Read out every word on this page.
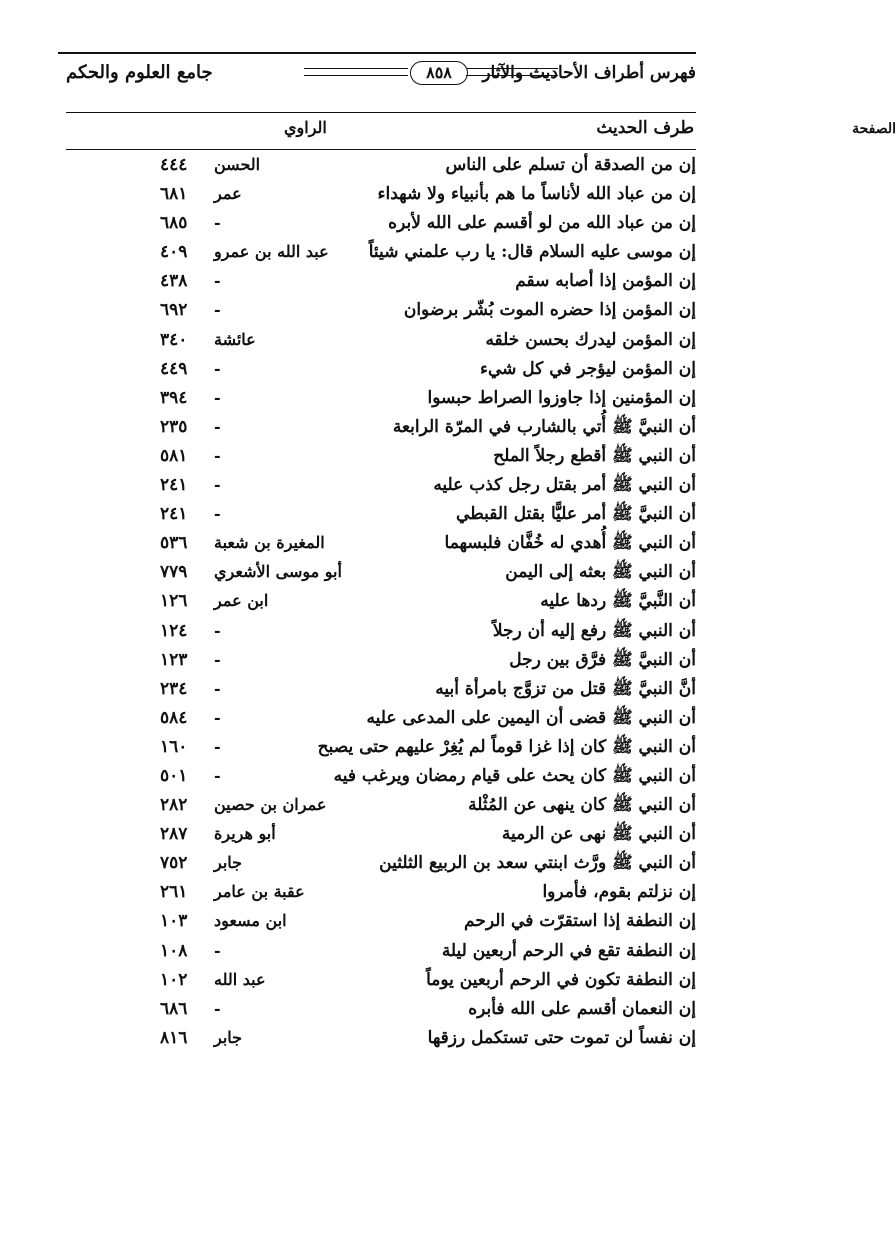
فهرس أطراف الأحاديث والآثار
٨٥٨
جامع العلوم والحكم
طرف الحديث
الراوي	الصفحة
إن من الصدقة أن تسلم على الناس
الحسن
٤٤٤
إن من عباد الله لأناساً ما هم بأنبياء ولا شهداء
عمر
٦٨١
إن من عباد الله من لو أقسم على الله لأبره
-
٦٨٥
إن موسى عليه السلام قال: يا رب علمني شيئاً
عبد الله بن عمرو
٤٠٩
إن المؤمن إذا أصابه سقم
-
٤٣٨
إن المؤمن إذا حضره الموت بُشّر برضوان
-
٦٩٢
إن المؤمن ليدرك بحسن خلقه
عائشة
٣٤٠
إن المؤمن ليؤجر في كل شيء
-
٤٤٩
إن المؤمنين إذا جاوزوا الصراط حبسوا
-
٣٩٤
أن النبيَّ ﷺ أُتي بالشارب في المرّة الرابعة
-
٢٣٥
أن النبي ﷺ أقطع رجلاً الملح
-
٥٨١
أن النبي ﷺ أمر بقتل رجل كذب عليه
-
٢٤١
أن النبيَّ ﷺ أمر عليًّا بقتل القبطي
-
٢٤١
أن النبي ﷺ أُهدي له خُفَّان فلبسهما
المغيرة بن شعبة
٥٣٦
أن النبي ﷺ بعثه إلى اليمن
أبو موسى الأشعري
٧٧٩
أن النَّبيَّ ﷺ ردها عليه
ابن عمر
١٢٦
أن النبي ﷺ رفع إليه أن رجلاً
-
١٢٤
أن النبيَّ ﷺ فرَّق بين رجل
-
١٢٣
أنَّ النبيَّ ﷺ قتل من تزوَّج بامرأة أبيه
-
٢٣٤
أن النبي ﷺ قضى أن اليمين على المدعى عليه
-
٥٨٤
أن النبي ﷺ كان إذا غزا قوماً لم يُغِرْ عليهم حتى يصبح
-
١٦٠
أن النبي ﷺ كان يحث على قيام رمضان ويرغب فيه
-
٥٠١
أن النبي ﷺ كان ينهى عن المُثْلة
عمران بن حصين
٢٨٢
أن النبي ﷺ نهى عن الرمية
أبو هريرة
٢٨٧
أن النبي ﷺ ورَّث ابنتي سعد بن الربيع الثلثين
جابر
٧٥٢
إن نزلتم بقوم، فأمروا
عقبة بن عامر
٢٦١
إن النطفة إذا استقرّت في الرحم
ابن مسعود
١٠٣
إن النطفة تقع في الرحم أربعين ليلة
-
١٠٨
إن النطفة تكون في الرحم أربعين يوماً
عبد الله
١٠٢
إن النعمان أقسم على الله فأبره
-
٦٨٦
إن نفساً لن تموت حتى تستكمل رزقها
جابر
٨١٦
